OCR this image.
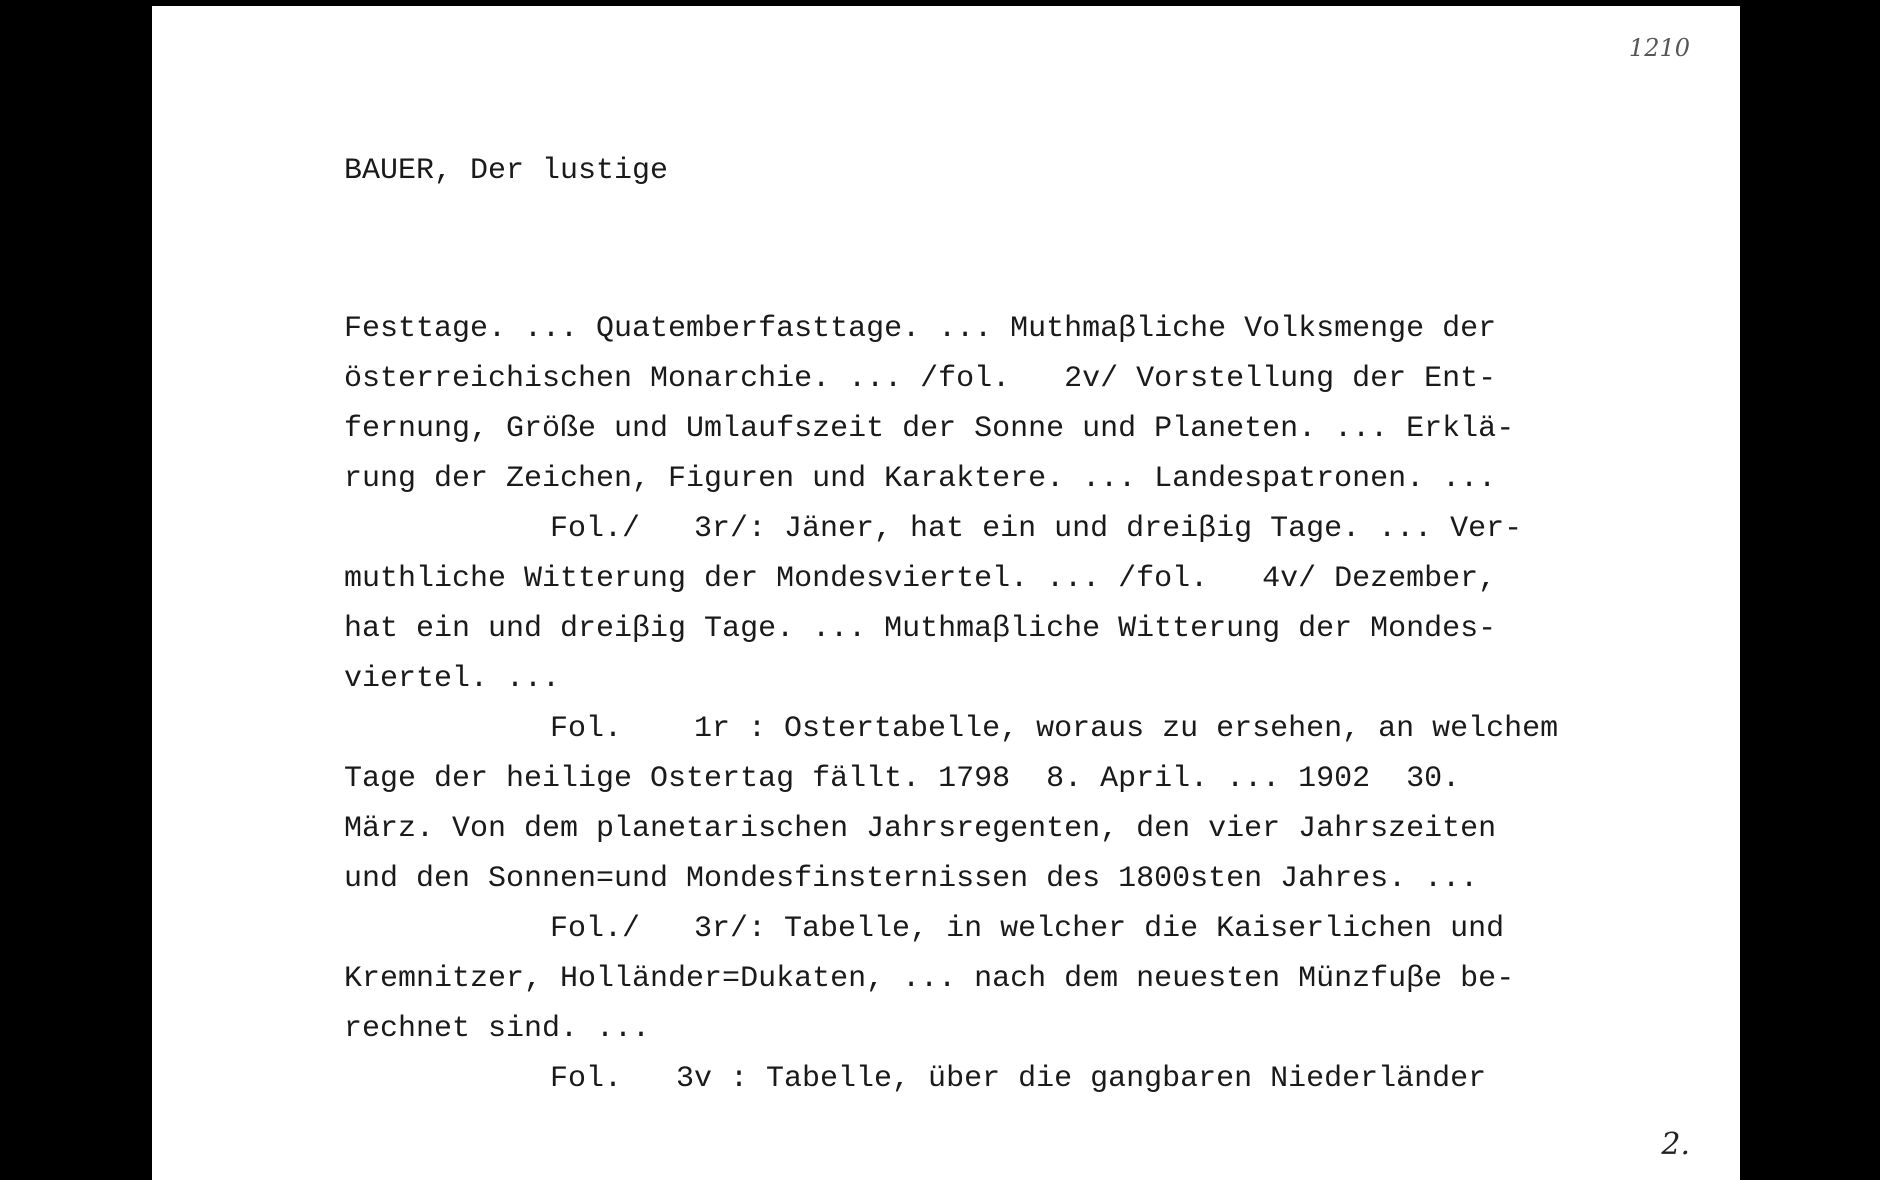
1210
BAUER, Der lustige
Festtage. ... Quatemberfasttage. ... Muthmaβliche Volksmenge der
österreichischen Monarchie. ... /fol.   2v/ Vorstellung der Ent-
fernung, Größe und Umlaufszeit der Sonne und Planeten. ... Erklä-
rung der Zeichen, Figuren und Karaktere. ... Landespatronen. ...
Fol./   3r/: Jäner, hat ein und dreiβig Tage. ... Ver-
muthliche Witterung der Mondesviertel. ... /fol.   4v/ Dezember,
hat ein und dreiβig Tage. ... Muthmaβliche Witterung der Mondes-
viertel. ...
Fol.    1r : Ostertabelle, woraus zu ersehen, an welchem
Tage der heilige Ostertag fällt. 1798  8. April. ... 1902  30.
März. Von dem planetarischen Jahrsregenten, den vier Jahrszeiten
und den Sonnen=und Mondesfinsternissen des 1800sten Jahres. ...
Fol./   3r/: Tabelle, in welcher die Kaiserlichen und
Kremnitzer, Holländer=Dukaten, ... nach dem neuesten Münzfuβe be-
rechnet sind. ...
Fol.   3v : Tabelle, über die gangbaren Niederländer
2.
